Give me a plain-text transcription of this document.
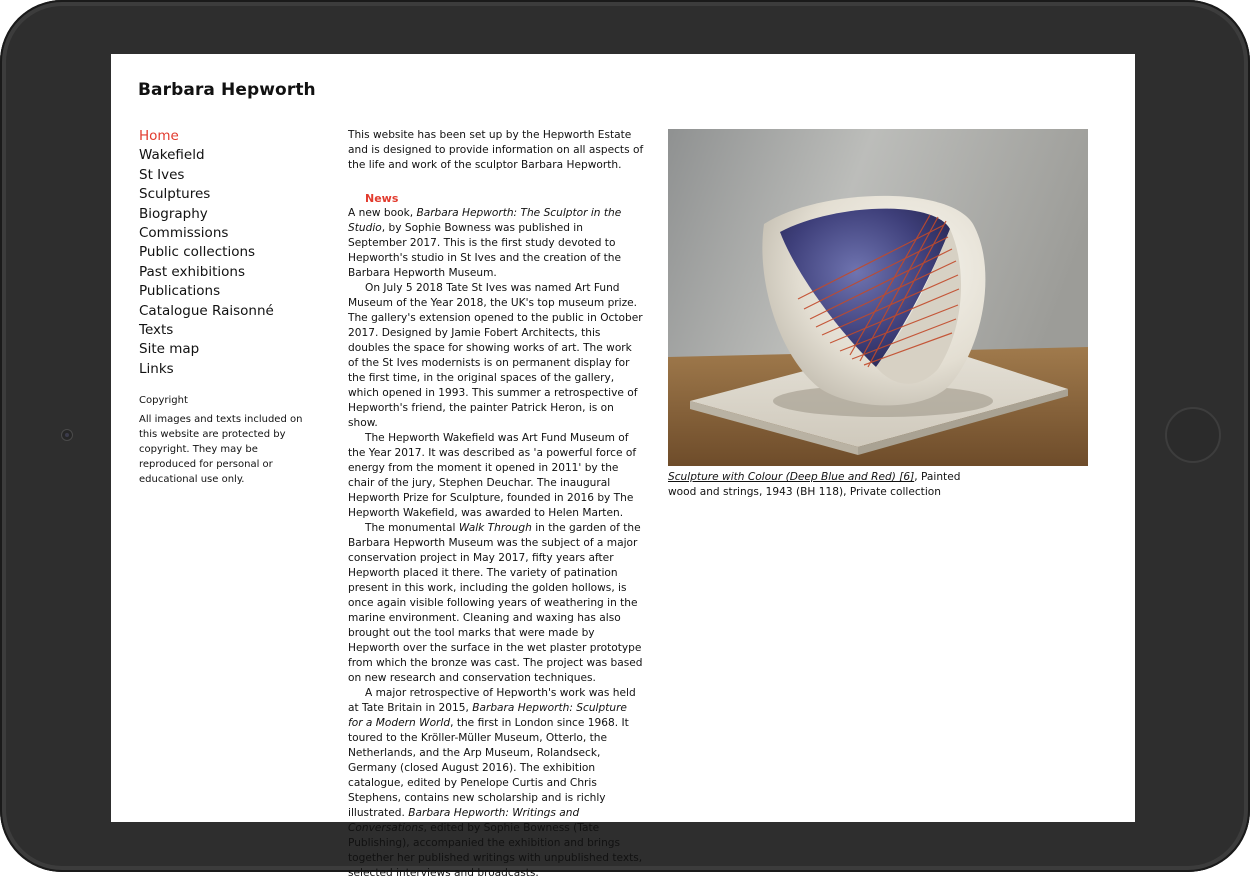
Barbara Hepworth
Home
Wakefield
St Ives
Sculptures
Biography
Commissions
Public collections
Past exhibitions
Publications
Catalogue Raisonné
Texts
Site map
Links
Copyright
All images and texts included on this website are protected by copyright. They may be reproduced for personal or educational use only.

This website has been set up by the Hepworth Estate and is designed to provide information on all aspects of the life and work of the sculptor Barbara Hepworth.

News

A new book, Barbara Hepworth: The Sculptor in the Studio, by Sophie Bowness was published in September 2017. This is the first study devoted to Hepworth's studio in St Ives and the creation of the Barbara Hepworth Museum.

On July 5 2018 Tate St Ives was named Art Fund Museum of the Year 2018, the UK's top museum prize. The gallery's extension opened to the public in October 2017. Designed by Jamie Fobert Architects, this doubles the space for showing works of art. The work of the St Ives modernists is on permanent display for the first time, in the original spaces of the gallery, which opened in 1993. This summer a retrospective of Hepworth's friend, the painter Patrick Heron, is on show.

The Hepworth Wakefield was Art Fund Museum of the Year 2017. It was described as 'a powerful force of energy from the moment it opened in 2011' by the chair of the jury, Stephen Deuchar. The inaugural Hepworth Prize for Sculpture, founded in 2016 by The Hepworth Wakefield, was awarded to Helen Marten.

The monumental Walk Through in the garden of the Barbara Hepworth Museum was the subject of a major conservation project in May 2017, fifty years after Hepworth placed it there. The variety of patination present in this work, including the golden hollows, is once again visible following years of weathering in the marine environment. Cleaning and waxing has also brought out the tool marks that were made by Hepworth over the surface in the wet plaster prototype from which the bronze was cast. The project was based on new research and conservation techniques.

A major retrospective of Hepworth's work was held at Tate Britain in 2015, Barbara Hepworth: Sculpture for a Modern World, the first in London since 1968. It toured to the Kröller-Müller Museum, Otterlo, the Netherlands, and the Arp Museum, Rolandseck, Germany (closed August 2016). The exhibition catalogue, edited by Penelope Curtis and Chris Stephens, contains new scholarship and is richly illustrated. Barbara Hepworth: Writings and Conversations, edited by Sophie Bowness (Tate Publishing), accompanied the exhibition and brings together her published writings with unpublished texts, selected interviews and broadcasts.

Sculpture with Colour (Deep Blue and Red) [6], Painted wood and strings, 1943 (BH 118), Private collection
